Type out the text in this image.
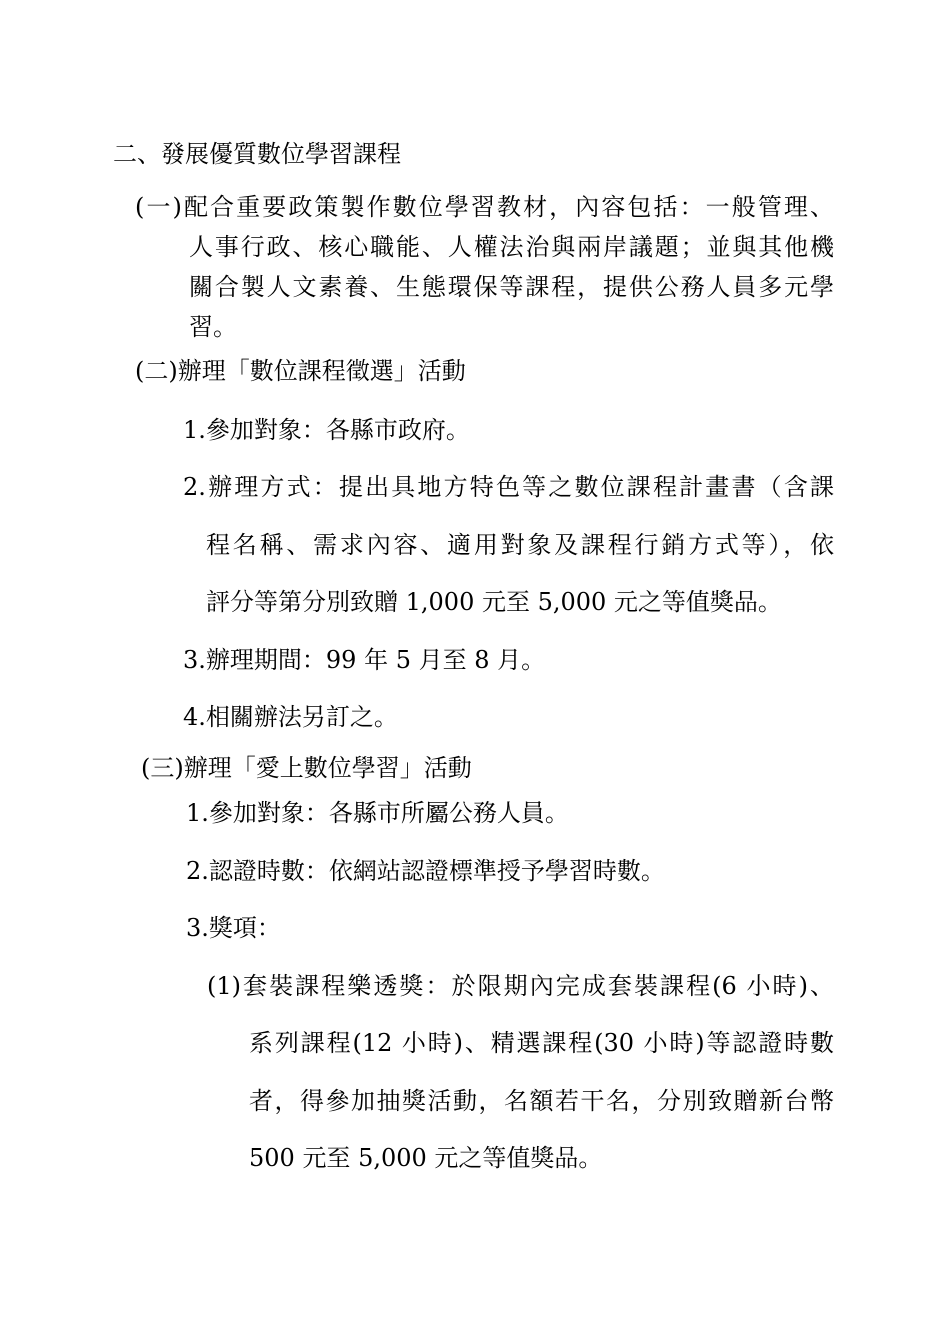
二、發展優質數位學習課程
(一)配合重要政策製作數位學習教材，內容包括：一般管理、
人事行政、核心職能、人權法治與兩岸議題；並與其他機
關合製人文素養、生態環保等課程，提供公務人員多元學
習。
(二)辦理「數位課程徵選」活動
1.參加對象：各縣市政府。
2.辦理方式：提出具地方特色等之數位課程計畫書（含課
程名稱、需求內容、適用對象及課程行銷方式等），依
評分等第分別致贈 1,000 元至 5,000 元之等值獎品。
3.辦理期間：99 年 5 月至 8 月。
4.相關辦法另訂之。
(三)辦理「愛上數位學習」活動
1.參加對象：各縣市所屬公務人員。
2.認證時數：依網站認證標準授予學習時數。
3.獎項：
(1)套裝課程樂透獎：於限期內完成套裝課程(6 小時)、
系列課程(12 小時)、精選課程(30 小時)等認證時數
者，得參加抽獎活動，名額若干名，分別致贈新台幣
500 元至 5,000 元之等值獎品。
